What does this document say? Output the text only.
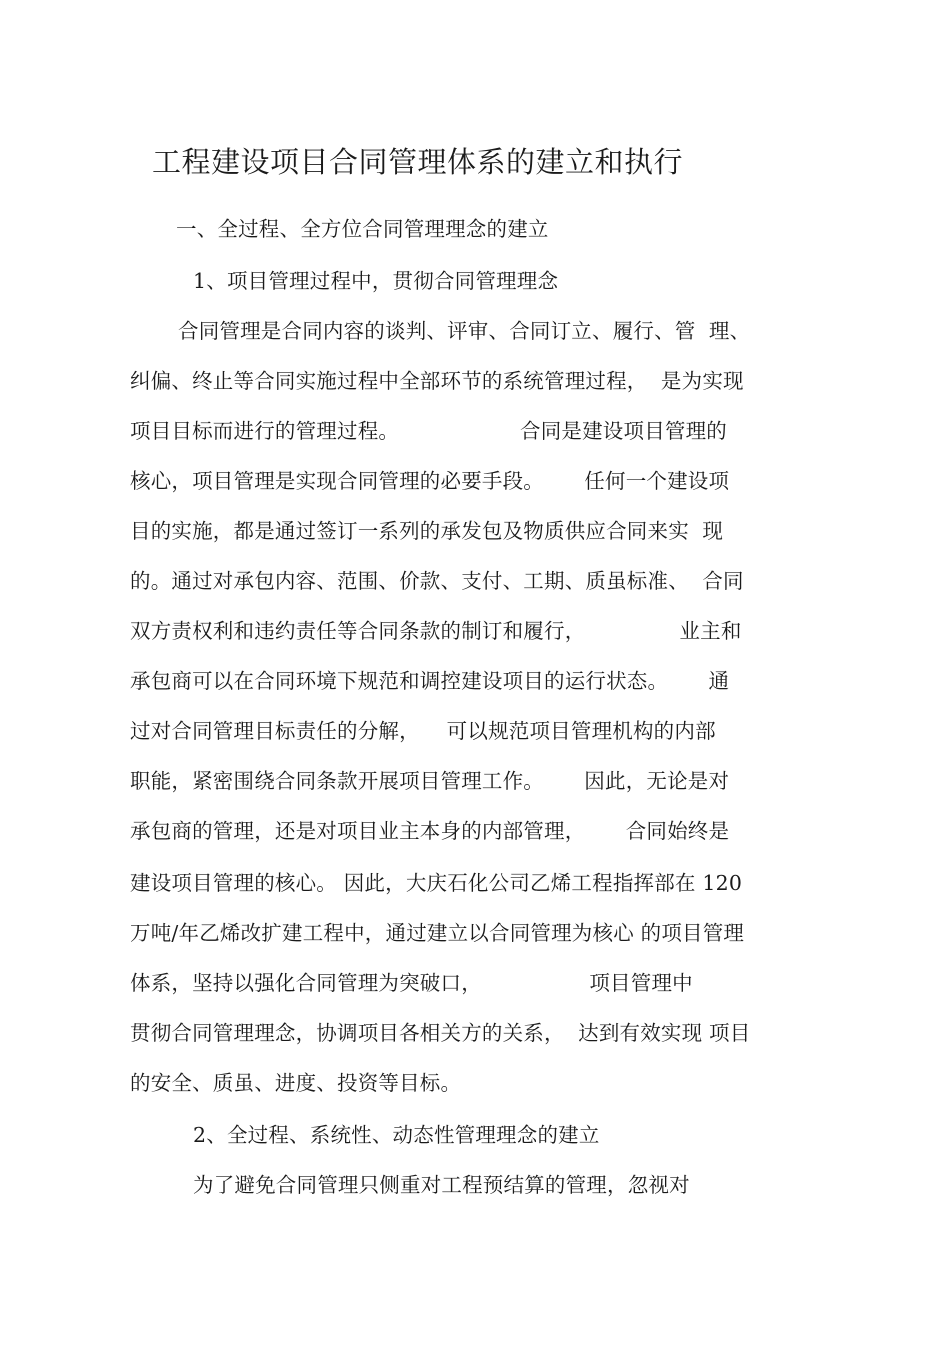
工程建设项目合同管理体系的建立和执行
一、全过程、全方位合同管理理念的建立
1、项目管理过程中，贯彻合同管理理念
合同管理是合同内容的谈判、评审、合同订立、履行、管  理、
纠偏、终止等合同实施过程中全部环节的系统管理过程，  是为实现
项目目标而进行的管理过程。                  合同是建设项目管理的
核心，项目管理是实现合同管理的必要手段。      任何一个建设项
目的实施，都是通过签订一系列的承发包及物质供应合同来实  现
的。通过对承包内容、范围、价款、支付、工期、质虽标准、  合同
双方责权利和违约责任等合同条款的制订和履行，              业主和
承包商可以在合同环境下规范和调控建设项目的运行状态。      通
过对合同管理目标责任的分解，    可以规范项目管理机构的内部
职能，紧密围绕合同条款开展项目管理工作。      因此，无论是对
承包商的管理，还是对项目业主本身的内部管理，      合同始终是
建设项目管理的核心。 因此，大庆石化公司乙烯工程指挥部在 120
万吨/年乙烯改扩建工程中，通过建立以合同管理为核心 的项目管理
体系，坚持以强化合同管理为突破口，                项目管理中
贯彻合同管理理念，协调项目各相关方的关系，  达到有效实现 项目
的安全、质虽、进度、投资等目标。
2、全过程、系统性、动态性管理理念的建立
为了避免合同管理只侧重对工程预结算的管理，忽视对
